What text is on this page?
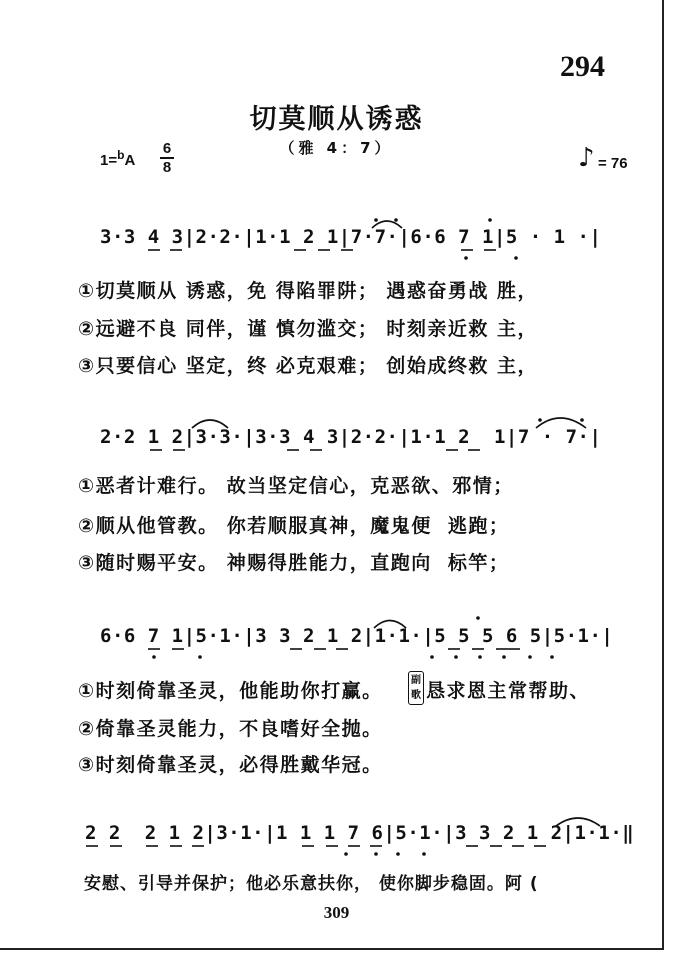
294
切莫顺从诱惑
（雅 4：7）
1=$^b$A
6
8	♪ = 76
3·3 4 3|2·2·|1·1 2 1|7·7·|6·6 7 1|5 · 1 ·|
①切莫顺从 诱惑，免 得陷罪阱； 遇惑奋勇战 胜，
②远避不良 同伴，谨 慎勿滥交； 时刻亲近救 主，
③只要信心 坚定，终 必克艰难； 创始成终救 主，
2·2 1 2|3·3·|3·3 4 3|2·2·|1·1 2  1|7 · 7·|
①恶者计难行。 故当坚定信心，克恶欲、邪情；
②顺从他管教。 你若顺服真神，魔鬼便  逃跑；
③随时赐平安。 神赐得胜能力，直跑向  标竿；
6·6 7 1|5·1·|3 3 2 1 2|1·1·|5 5 5 6 5|5·1·|
①时刻倚靠圣灵，他能助你打赢。	副歌 恳求恩主常帮助、
②倚靠圣灵能力，不良嗜好全抛。
③时刻倚靠圣灵，必得胜戴华冠。
2 2  2 1 2|3·1·|1 1 1 7 6|5·1·|3 3 2 1 2|1·1·‖
安慰、引导并保护；他必乐意扶你， 使你脚步稳固。阿 (
309
